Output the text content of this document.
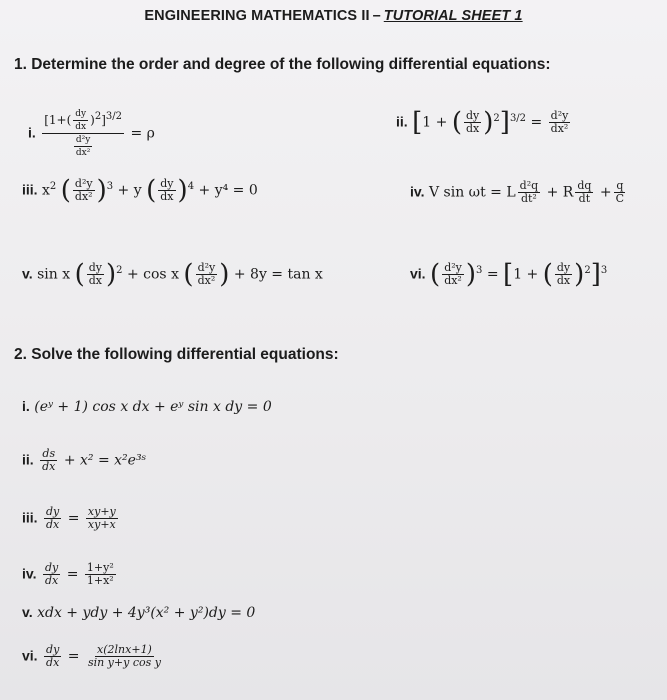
ENGINEERING MATHEMATICS II – TUTORIAL SHEET 1
1. Determine the order and degree of the following differential equations:
i. $\frac{[1+( \frac{dy}{dx} )^2]^{3/2}}{\frac{\text{d²y}}{\text{dx²}}} = \rho$
ii. [1 + ( $\frac{dy}{dx} )^2]^{3/2} = \frac{\text{d²y}}{\text{dx²}}$
iii. $x^2$ ( $\frac{\text{d²y}}{\text{dx²}} )^3 + y$ ( $\frac{dy}{dx} )^4 + y^4 = 0$	iv. V sin ωt = L $\frac{\text{d²q}}{\text{dt²}} + R \frac{dq}{dt} + \frac{q}{C}$
v. sin x ( $\frac{dy}{dx} )^2 + \cos x$ ( $\frac{\text{d²y}}{\text{dx²}}$ ) + 8y = tan x	vi. ( $\frac{\text{d²y}}{\text{dx²}} )^3 = [1$ + ( $\frac{dy}{dx} )^2]^3$
2. Solve the following differential equations:
i. (eʸ + 1) cos x dx + eʸ sin x dy = 0
ii. $\frac{ds}{dx} + x^2$ = x²e³ˢ
iii. $\frac{dy}{dx} = \frac{xy+y}{xy+x}$
iv. $\frac{dy}{dx} = \frac{\text{1+y²}}{\text{1+x²}}$
v. xdx + ydy + 4y³(x² + y²)dy = 0
vi. $\frac{dy}{dx} = \frac{x(2\ln x+1)}{\text{sin y+y cos y}}$
